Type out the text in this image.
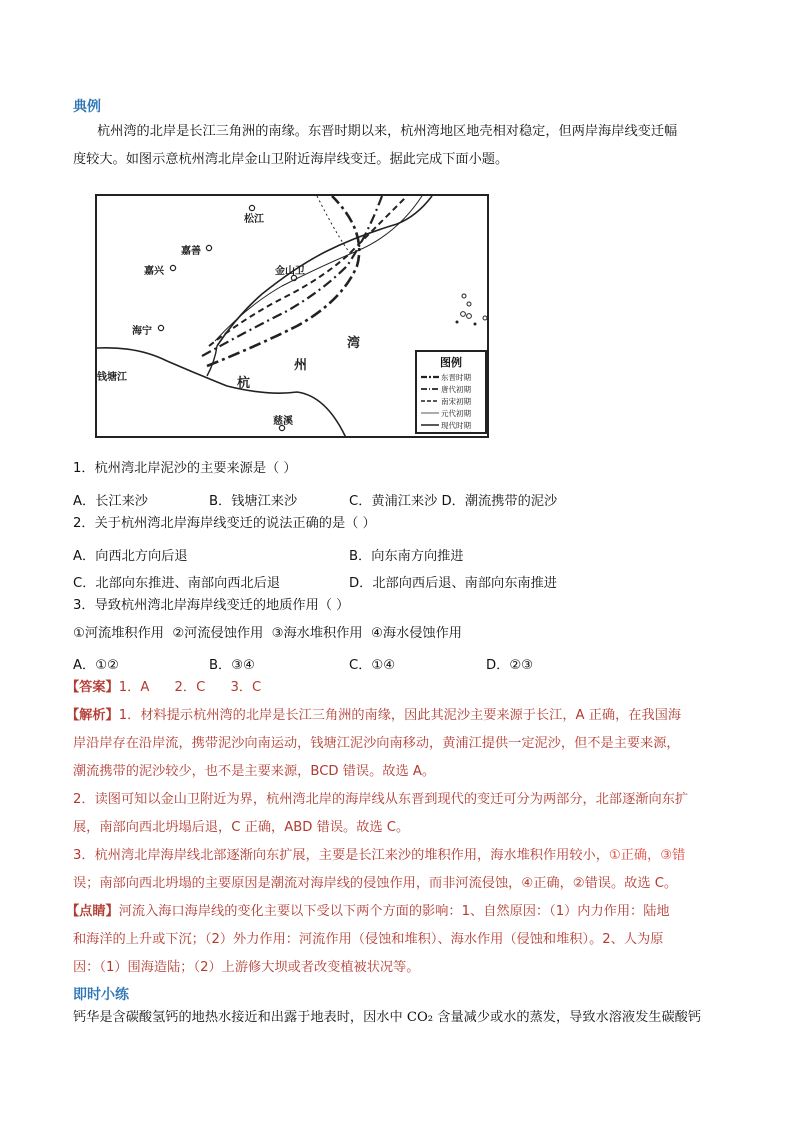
典例
杭州湾的北岸是长江三角洲的南缘。东晋时期以来，杭州湾地区地壳相对稳定，但两岸海岸线变迁幅
度较大。如图示意杭州湾北岸金山卫附近海岸线变迁。据此完成下面小题。
松江
嘉善
嘉兴	金山卫
海宁
钱塘江
慈溪
杭
州
湾
图例
东晋时期
唐代初期
南宋初期
元代初期
现代时期
1．杭州湾北岸泥沙的主要来源是（ ）
A．长江来沙	B．钱塘江来沙	C．黄浦江来沙 D．潮流携带的泥沙
2．关于杭州湾北岸海岸线变迁的说法正确的是（ ）
A．向西北方向后退	B．向东南方向推进
C．北部向东推进、南部向西北后退	D．北部向西后退、南部向东南推进
3．导致杭州湾北岸海岸线变迁的地质作用（ ）
①河流堆积作用  ②河流侵蚀作用  ③海水堆积作用  ④海水侵蚀作用
A．①②	B．③④	C．①④	D．②③
【答案】1．A      2．C      3．C
【解析】1．材料提示杭州湾的北岸是长江三角洲的南缘，因此其泥沙主要来源于长江，A 正确，在我国海
岸沿岸存在沿岸流，携带泥沙向南运动，钱塘江泥沙向南移动，黄浦江提供一定泥沙，但不是主要来源，
潮流携带的泥沙较少，也不是主要来源，BCD 错误。故选 A。
2．读图可知以金山卫附近为界，杭州湾北岸的海岸线从东晋到现代的变迁可分为两部分，北部逐渐向东扩
展，南部向西北坍塌后退，C 正确，ABD 错误。故选 C。
3．杭州湾北岸海岸线北部逐渐向东扩展，主要是长江来沙的堆积作用，海水堆积作用较小，①正确，③错
误；南部向西北坍塌的主要原因是潮流对海岸线的侵蚀作用，而非河流侵蚀，④正确，②错误。故选 C。
【点睛】河流入海口海岸线的变化主要以下受以下两个方面的影响：1、自然原因：（1）内力作用：陆地
和海洋的上升或下沉；（2）外力作用：河流作用（侵蚀和堆积）、海水作用（侵蚀和堆积）。2、人为原
因：（1）围海造陆；（2）上游修大坝或者改变植被状况等。
即时小练
钙华是含碳酸氢钙的地热水接近和出露于地表时，因水中 CO₂ 含量减少或水的蒸发，导致水溶液发生碳酸钙
